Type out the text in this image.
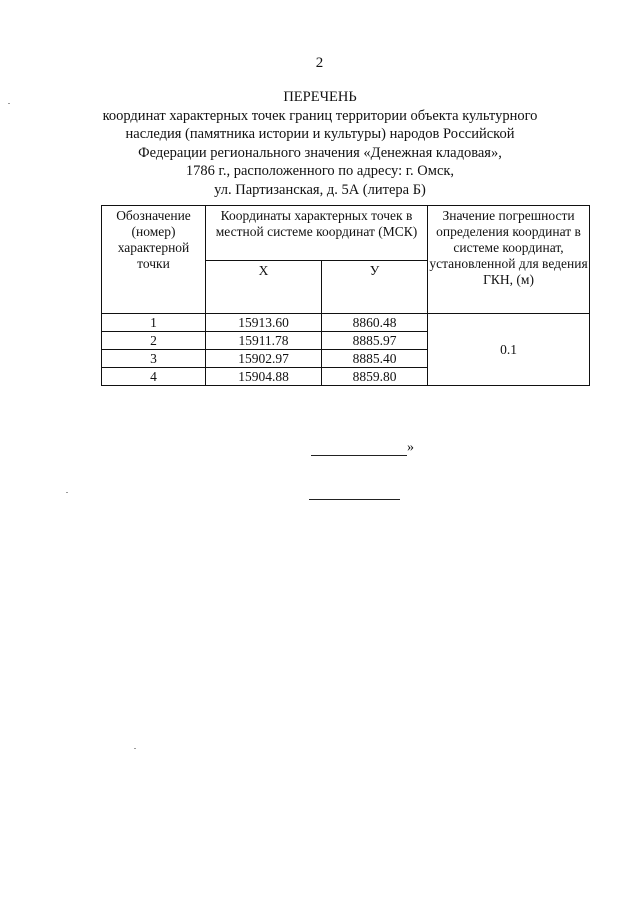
2
ПЕРЕЧЕНЬ
координат характерных точек границ территории объекта культурного
наследия (памятника истории и культуры) народов Российской
Федерации регионального значения «Денежная кладовая»,
1786 г., расположенного по адресу: г. Омск,
ул. Партизанская, д. 5А (литера Б)
Обозначение (номер) характерной точки	Координаты характерных точек в местной системе координат (МСК)		Значение погрешности определения координат в системе координат, установленной для ведения ГКН, (м)
	Х	У	
1	15913.60	8860.48	0.1
2	15911.78	8885.97	
3	15902.97	8885.40	
4	15904.88	8859.80	
»
